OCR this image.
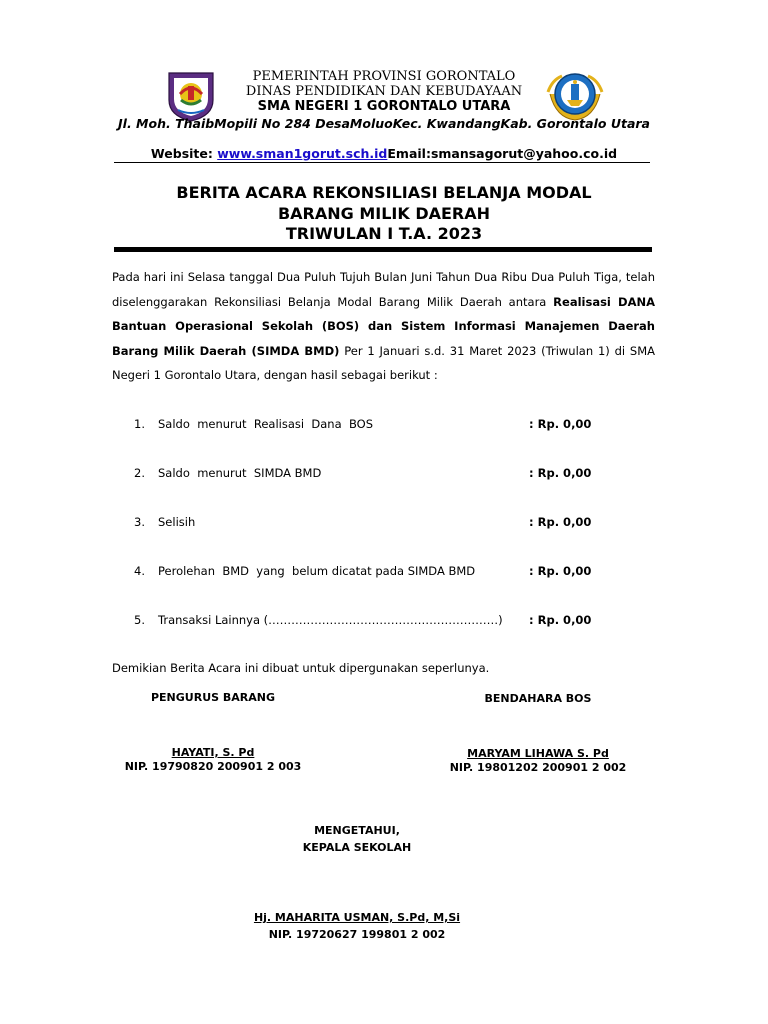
PEMERINTAH PROVINSI GORONTALO
DINAS PENDIDIKAN DAN KEBUDAYAAN
SMA NEGERI 1 GORONTALO UTARA
Jl. Moh. ThaibMopili No 284 DesaMoluoKec. KwandangKab. Gorontalo Utara
Website: www.sman1gorut.sch.idEmail:smansagorut@yahoo.co.id
BERITA ACARA REKONSILIASI BELANJA MODAL
BARANG MILIK DAERAH
TRIWULAN I T.A. 2023
Pada hari ini Selasa tanggal Dua Puluh Tujuh Bulan Juni Tahun Dua Ribu Dua Puluh Tiga, telah diselenggarakan Rekonsiliasi Belanja Modal Barang Milik Daerah antara Realisasi DANA Bantuan Operasional Sekolah (BOS) dan Sistem Informasi Manajemen Daerah Barang Milik Daerah (SIMDA BMD) Per 1 Januari s.d. 31 Maret 2023 (Triwulan 1) di SMA Negeri 1 Gorontalo Utara, dengan hasil sebagai berikut :
1. Saldo  menurut  Realisasi  Dana  BOS	: Rp. 0,00
2. Saldo  menurut  SIMDA BMD	: Rp. 0,00
3. Selisih	: Rp. 0,00
4. Perolehan  BMD  yang  belum dicatat pada SIMDA BMD	: Rp. 0,00
5. Transaksi Lainnya (……………………………………………………) : Rp. 0,00
Demikian Berita Acara ini dibuat untuk dipergunakan seperlunya.
PENGURUS BARANG
HAYATI, S. Pd
NIP. 19790820 200901 2 003
BENDAHARA BOS
MARYAM LIHAWA S. Pd
NIP. 19801202 200901 2 002
MENGETAHUI,
KEPALA SEKOLAH
Hj. MAHARITA USMAN, S.Pd, M,Si
NIP. 19720627 199801 2 002
